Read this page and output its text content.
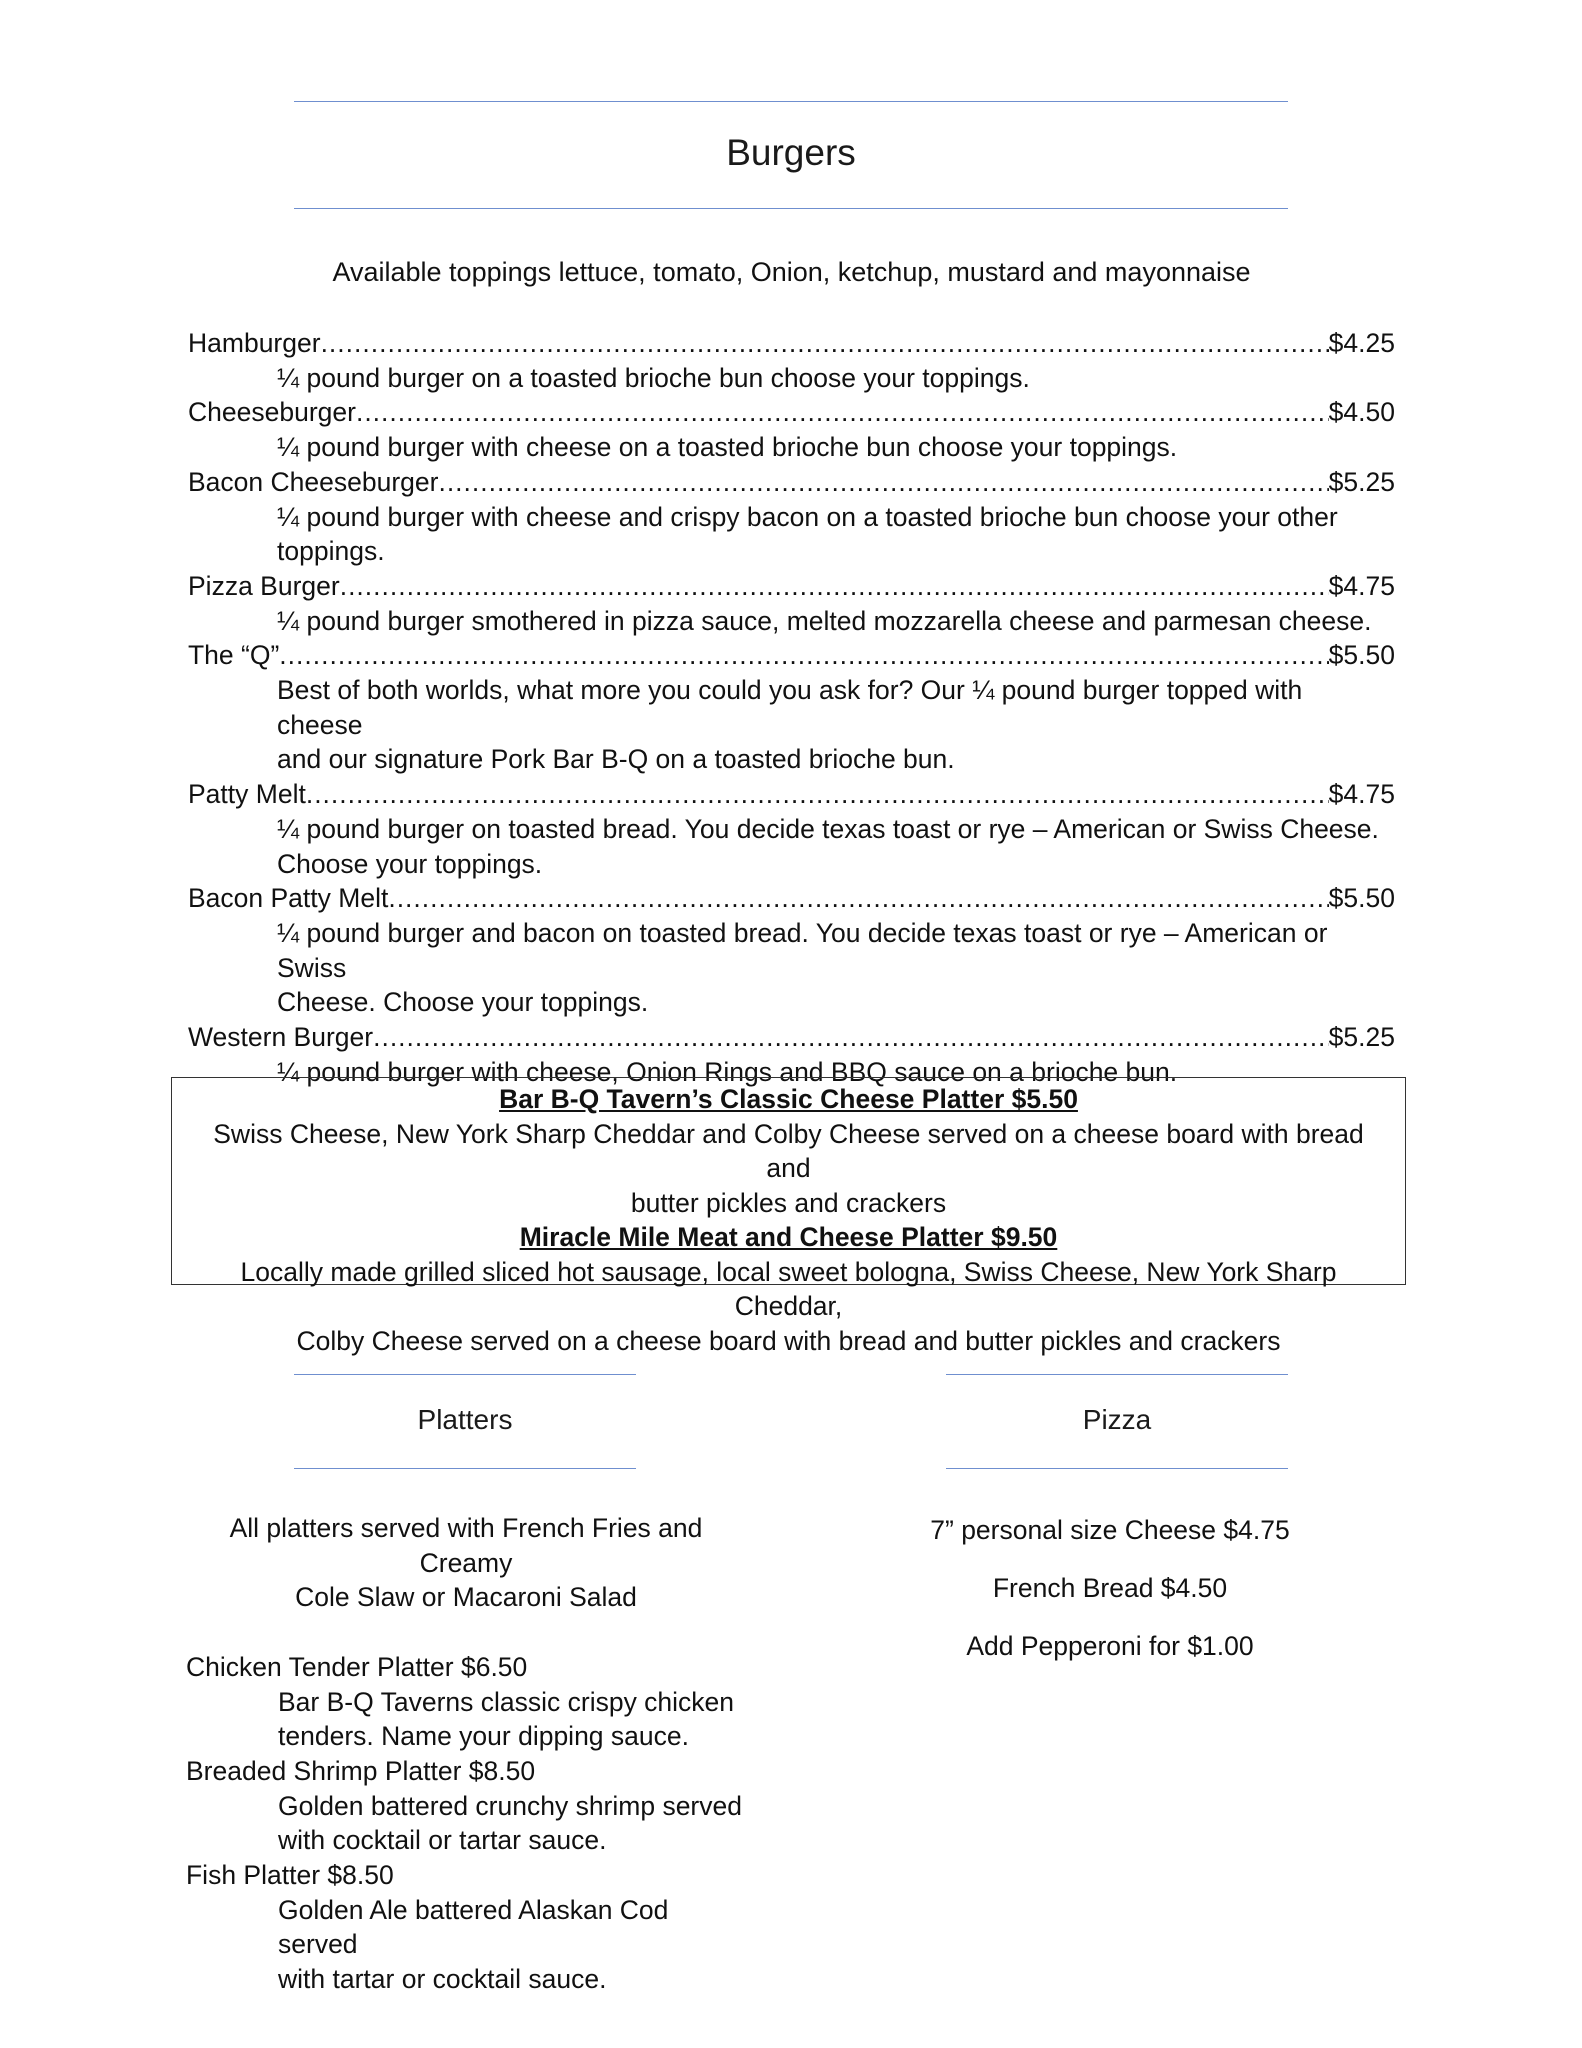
Burgers
Available toppings lettuce, tomato, Onion, ketchup, mustard and mayonnaise
Hamburger .....	$4.25
¼ pound burger on a toasted brioche bun choose your toppings.
Cheeseburger .....	$4.50
¼ pound burger with cheese on a toasted brioche bun choose your toppings.
Bacon Cheeseburger .....	$5.25
¼ pound burger with cheese and crispy bacon on a toasted brioche bun choose your other
toppings.
Pizza Burger .....	$4.75
¼ pound burger smothered in pizza sauce, melted mozzarella cheese and parmesan cheese.
The “Q” .....	$5.50
Best of both worlds, what more you could you ask for? Our ¼ pound burger topped with cheese
and our signature Pork Bar B-Q on a toasted brioche bun.
Patty Melt .....	$4.75
¼ pound burger on toasted bread. You decide texas toast or rye – American or Swiss Cheese.
Choose your toppings.
Bacon Patty Melt .....	$5.50
¼ pound burger and bacon on toasted bread. You decide texas toast or rye – American or Swiss
Cheese. Choose your toppings.
Western Burger .....	$5.25
¼ pound burger with cheese, Onion Rings and BBQ sauce on a brioche bun.
Bar B-Q Tavern’s Classic Cheese Platter $5.50
Swiss Cheese, New York Sharp Cheddar and Colby Cheese served on a cheese board with bread and
butter pickles and crackers
Miracle Mile Meat and Cheese Platter $9.50
Locally made grilled sliced hot sausage, local sweet bologna, Swiss Cheese, New York Sharp Cheddar,
Colby Cheese served on a cheese board with bread and butter pickles and crackers
Platters	Pizza
All platters served with French Fries and Creamy
Cole Slaw or Macaroni Salad
Chicken Tender Platter $6.50
Bar B-Q Taverns classic crispy chicken
tenders. Name your dipping sauce.
Breaded Shrimp Platter $8.50
Golden battered crunchy shrimp served
with cocktail or tartar sauce.
Fish Platter $8.50
Golden Ale battered Alaskan Cod served
with tartar or cocktail sauce.
7” personal size Cheese $4.75
French Bread $4.50
Add Pepperoni for $1.00
